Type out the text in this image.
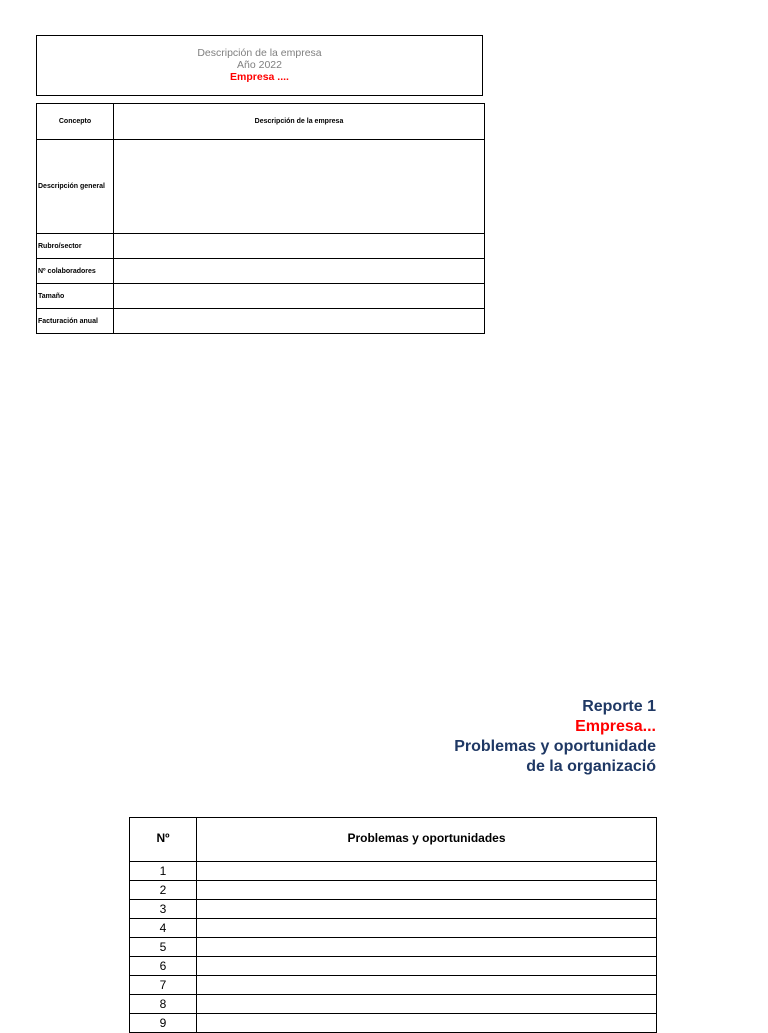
Descripción de la empresa
Año 2022
Empresa ....
Concepto	Descripción de la empresa
Descripción general	
Rubro/sector	
Nº colaboradores	
Tamaño	
Facturación anual	
Reporte 1
Empresa...
Problemas y oportunidade
de la organizació
Nº	Problemas y oportunidades
1	
2	
3	
4	
5	
6	
7	
8	
9	
